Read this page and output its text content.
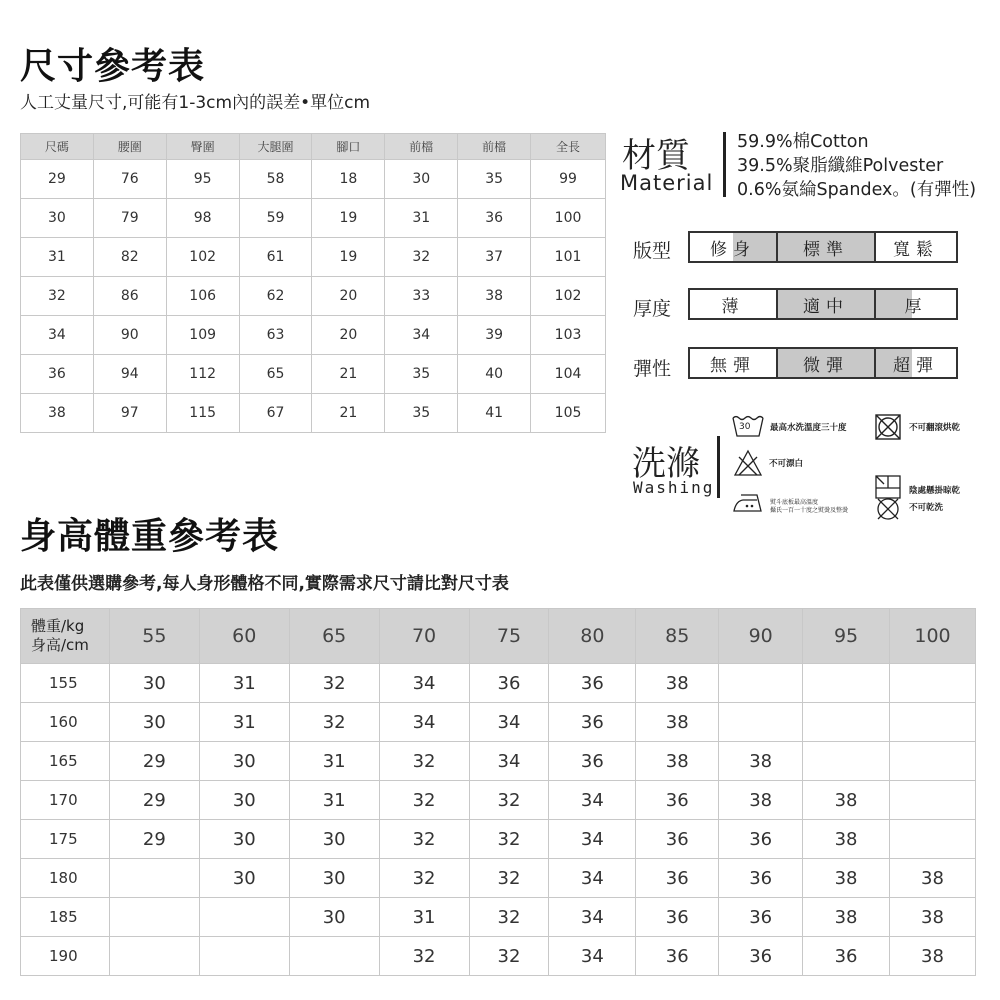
尺寸參考表
人工丈量尺寸,可能有1-3cm內的誤差•單位cm
尺碼	腰圍	臀圍	大腿圍	腳口	前檔	前檔	全長
29	76	95	58	18	30	35	99
30	79	98	59	19	31	36	100
31	82	102	61	19	32	37	101
32	86	106	62	20	33	38	102
34	90	109	63	20	34	39	103
36	94	112	65	21	35	40	104
38	97	115	67	21	35	41	105
材質
Material
59.9%棉Cotton
39.5%聚脂纖維Polvester
0.6%氨綸Spandex。(有彈性)
版型 修身	標準	寬鬆
厚度	薄	適中	厚
彈性 無彈	微彈	超彈
洗滌
Washing
30 最高水洗溫度三十度	不可翻滾烘乾
不可漂白
熨斗底板最高溫度
攝氏一百一十度之熨燙及整燙
陰處懸掛晾乾
不可乾洗
身高體重參考表
此表僅供選購參考,每人身形體格不同,實際需求尺寸請比對尺寸表
體重/kg
身高/cm	55	60	65	70	75	80	85	90	95	100
155	30	31	32	34	36	36	38			
160	30	31	32	34	34	36	38			
165	29	30	31	32	34	36	38	38		
170	29	30	31	32	32	34	36	38	38	
175	29	30	30	32	32	34	36	36	38	
180		30	30	32	32	34	36	36	38	38
185			30	31	32	34	36	36	38	38
190				32	32	34	36	36	36	38
